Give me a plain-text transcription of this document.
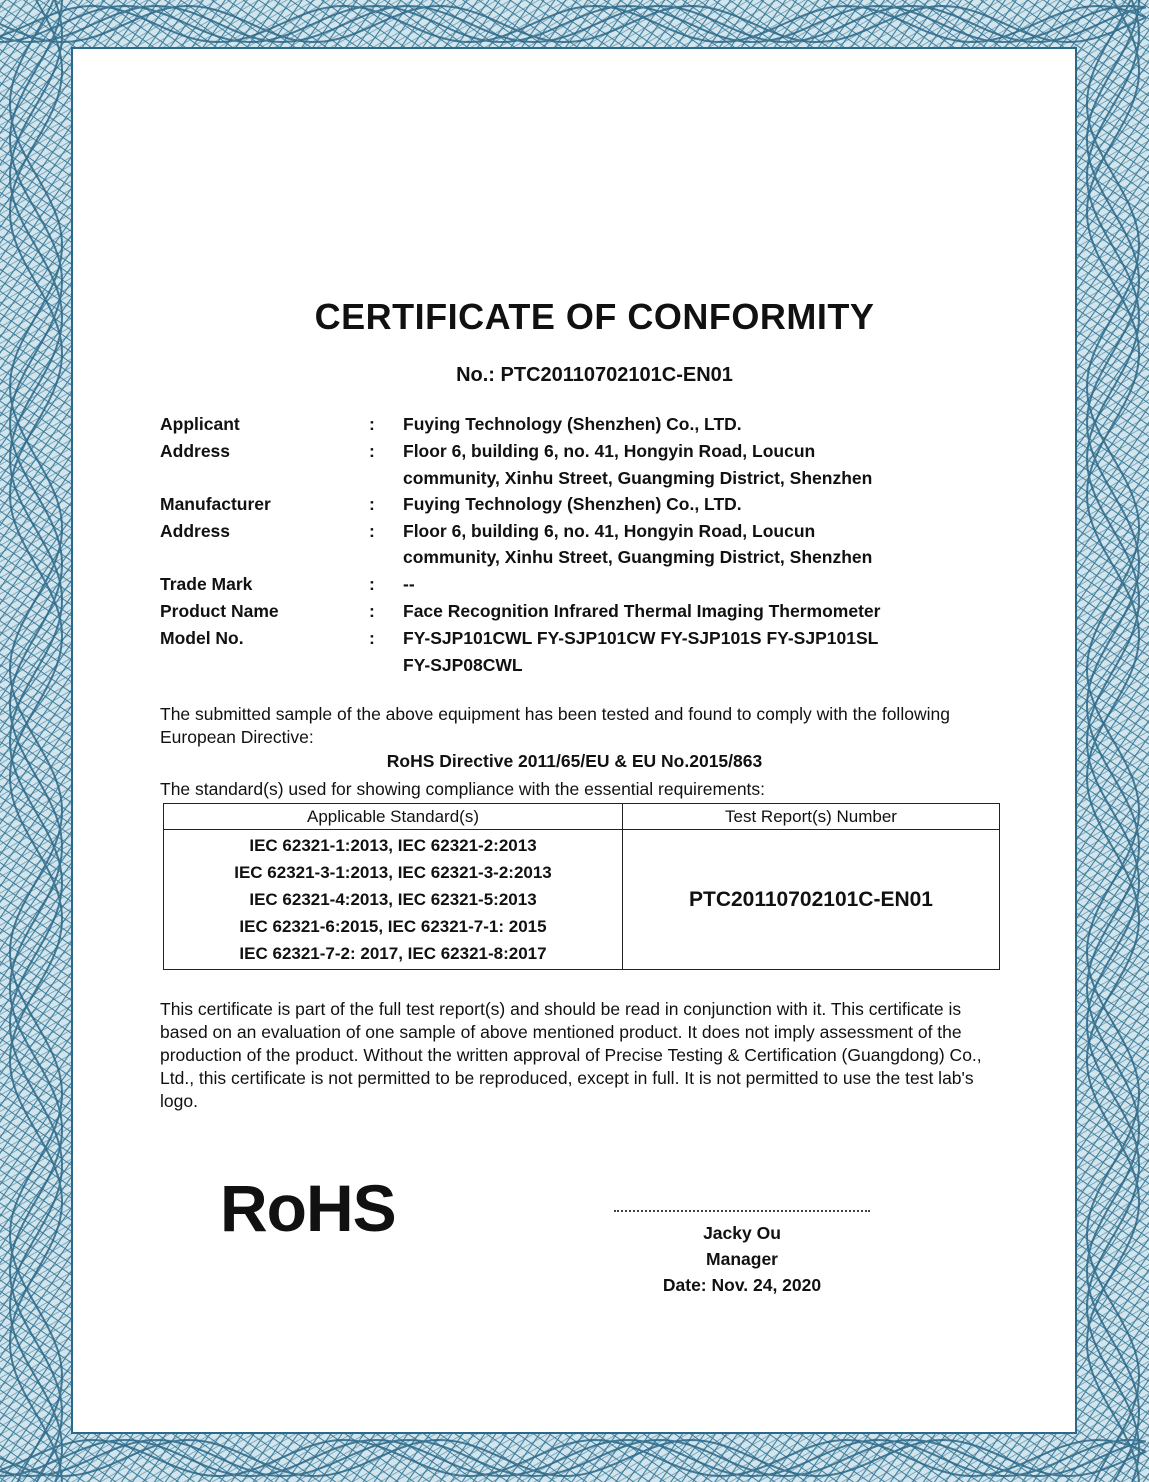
CERTIFICATE OF CONFORMITY
No.: PTC20110702101C-EN01
Applicant	: Fuying Technology (Shenzhen) Co., LTD.
Address	: Floor 6, building 6, no. 41, Hongyin Road, Loucun
community, Xinhu Street, Guangming District, Shenzhen
Manufacturer	: Fuying Technology (Shenzhen) Co., LTD.
Address	: Floor 6, building 6, no. 41, Hongyin Road, Loucun
community, Xinhu Street, Guangming District, Shenzhen
Trade Mark	: --
Product Name	: Face Recognition Infrared Thermal Imaging Thermometer
Model No.	: FY-SJP101CWL FY-SJP101CW FY-SJP101S FY-SJP101SL
FY-SJP08CWL
The submitted sample of the above equipment has been tested and found to comply with the following European Directive:
RoHS Directive 2011/65/EU & EU No.2015/863
The standard(s) used for showing compliance with the essential requirements:
Applicable Standard(s)	Test Report(s) Number

IEC 62321-1:2013, IEC 62321-2:2013
IEC 62321-3-1:2013, IEC 62321-3-2:2013
IEC 62321-4:2013, IEC 62321-5:2013
IEC 62321-6:2015, IEC 62321-7-1: 2015
IEC 62321-7-2: 2017, IEC 62321-8:2017	PTC20110702101C-EN01
This certificate is part of the full test report(s) and should be read in conjunction with it. This certificate is based on an evaluation of one sample of above mentioned product. It does not imply assessment of the production of the product. Without the written approval of Precise Testing & Certification (Guangdong) Co., Ltd., this certificate is not permitted to be reproduced, except in full. It is not permitted to use the test lab's logo.
RoHS	Jacky Ou
Manager
Date: Nov. 24, 2020
